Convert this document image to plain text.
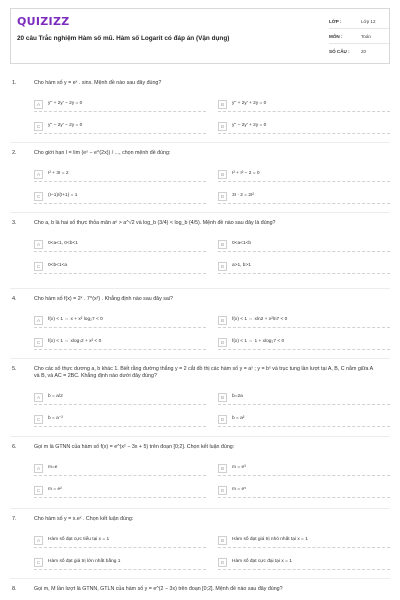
QUIZIZZ
20 câu Trắc nghiệm Hàm số mũ. Hàm số Logarit có đáp án (Vận dụng)
LỚP :	Lớp 12
MÔN :	Toán
SỐ CÂU :	20
1.	Cho hàm số y = eˣ . sinx. Mệnh đề nào sau đây đúng?
A	y'' + 2y' − 2y = 0	B	y'' + 2y' + 2y = 0
C	y'' − 2y' − 2y = 0	D	y'' − 2y' + 2y = 0
2.	Cho giới hạn I = lim (eˣ − e^(2x)) / ..., chọn mệnh đề đúng:
A	I² + 3I = 2	B	I² + I² − 2 = 0
C	(I−1)/(I+1) = 1	D	3I · 2 = 2I²
3.	Cho a, b là hai số thực thỏa mãn aᵉ > a^√2 và log_b (3/4) < log_b (4/5). Mệnh đề nào sau đây là đúng?
A	0<a<1, 0<b<1	B	0<a<1<b
C	0<b<1<a	D	a>1, b>1
4.	Cho hàm số f(x) = 2ˣ . 7^(x²) . Khẳng định nào sau đây sai?
A	f(x) < 1 ⇔ x + x² log₂7 < 0	B	f(x) < 1 ⇔ xln2 + x²ln7 < 0
C	f(x) < 1 ⇔ xlog₇2 + x² < 0	D	f(x) < 1 ⇔ 1 + xlog₂7 < 0
5.	Cho các số thực dương a, b khác 1. Biết rằng đường thẳng y = 2 cắt đồ thị các hàm số y = aˣ ; y = bˣ và trục tung lần lượt tại A, B, C nằm giữa A và B, và AC = 2BC. Khẳng định nào dưới đây đúng?
A	b = a/2	B	b=2a
C	b = a⁻²	D	b = a²
6.	Gọi m là GTNN của hàm số f(x) = e^(x² − 3x + 5) trên đoạn [0;2]. Chọn kết luận đúng:
A	m=e	B	m = e³
C	m = e²	D	m = e⁵
7.	Cho hàm số y = x.eˣ . Chọn kết luận đúng:
A	Hàm số đạt cực tiểu tại x = 1	B	Hàm số đạt giá trị nhỏ nhất tại x = 1
C	Hàm số đạt giá trị lớn nhất bằng 1	D	Hàm số đạt cực đại tại x = 1
8.	Gọi m, M lần lượt là GTNN, GTLN của hàm số y = e^(2 − 3x) trên đoạn [0;2]. Mệnh đề nào sau đây đúng?
